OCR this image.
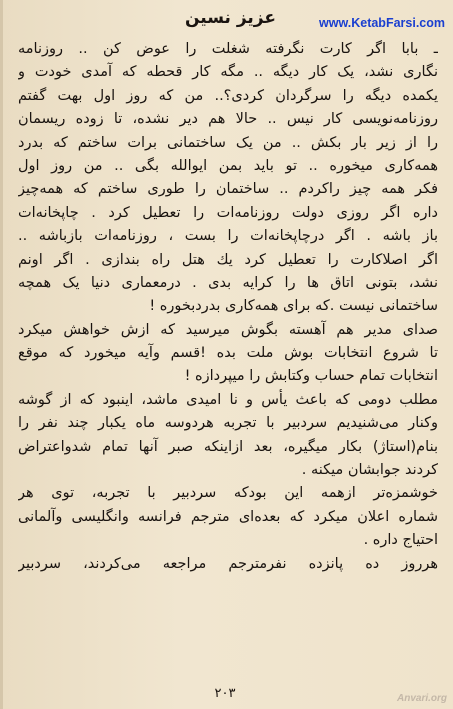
عزیز نسین	www.KetabFarsi.com
ـ بابا اگر کارت نگرفته شغلت را عوض کن .. روزنامه
نگاری نشد، یک کار دیگه .. مگه کار قحطه که آمدی خودت و
یکمده دیگه را سرگردان کردی؟.. من که روز اول بهت گفتم
روزنامه‌نویسی کار نیس .. حالا هم دیر نشده، تا زوده ریسمان
را از زیر بار بکش .. من یک ساختمانی برات ساختم که بدرد
همه‌کاری میخوره .. تو باید بمن ایوالله بگی .. من روز اول
فکر همه چیز راکردم .. ساختمان را طوری ساختم که همه‌چیز
داره اگر روزی دولت روزنامه‌ات را تعطیل کرد . چاپخانه‌ات
باز باشه . اگر درچاپخانه‌ات را بست ، روزنامه‌ات بازباشه ..
اگر اصلاکارت را تعطیل کرد یك هتل راه بندازی . اگر اونم
نشد، بتونی اتاق ها را کرایه بدی . درمعماری دنیا یک همچه
ساختمانی نیست .که برای همه‌کاری بدردبخوره !
صدای مدیر هم آهسته بگوش میرسید که ازش خواهش میکرد
تا شروع انتخابات بوش ملت بده !قسم وآیه میخورد که موقع
انتخابات تمام حساب وکتابش را میپردازه !
مطلب دومی که باعث یأس و نا امیدی ماشد، اینبود که از گوشه
وکنار می‌شنیدیم سردبیر با تجربه هردوسه ماه یکبار چند نفر را
بنام(استاژ) بکار میگیره، بعد ازاینکه صبر آنها تمام شدواعتراض
کردند جوابشان میکنه .
خوشمزه‌تر ازهمه این بودکه سردبیر با تجربه، توی هر
شماره اعلان میکرد که بعده‌ای مترجم فرانسه وانگلیسی وآلمانی
احتیاج داره .
هرروز ده پانزده نفرمترجم مراجعه می‌کردند، سردبیر
۲۰۳	Anvari.org
